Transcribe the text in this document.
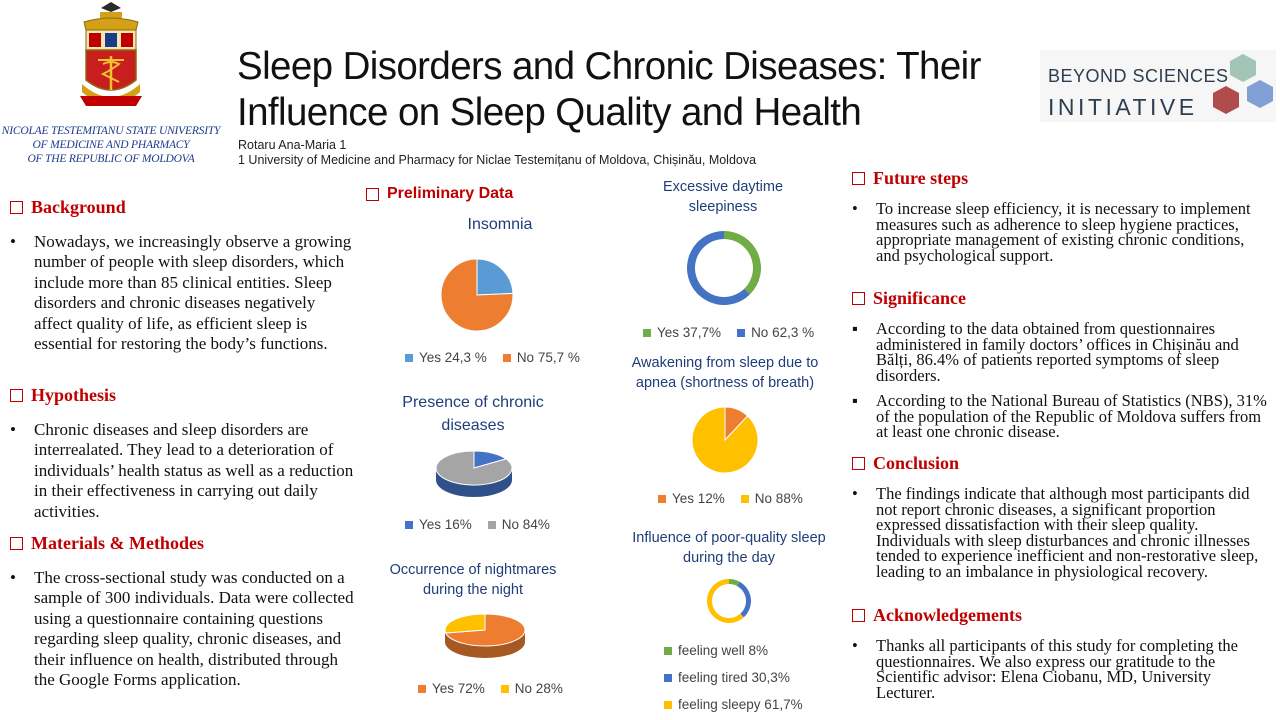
NICOLAE TESTEMITANU STATE UNIVERSITY
OF MEDICINE AND PHARMACY
OF THE REPUBLIC OF MOLDOVA
Sleep Disorders and Chronic Diseases: Their
Influence on Sleep Quality and Health
Rotaru Ana-Maria 1
1 University of Medicine and Pharmacy for Niclae Testemițanu of Moldova, Chișinău, Moldova
BEYOND SCIENCES
INITIATIVE
Background
•	Nowadays, we increasingly observe a growing number of people with sleep disorders, which include more than 85 clinical entities. Sleep disorders and chronic diseases negatively affect quality of life, as efficient sleep is essential for restoring the body’s functions.
Hypothesis
•	Chronic diseases and sleep disorders are interrealated. They lead to a deterioration of individuals’ health status as well as a reduction in their effectiveness in carrying out daily activities.
Materials & Methodes
•	The cross-sectional study was conducted on a sample of 300 individuals. Data were collected using a questionnaire containing questions regarding sleep quality, chronic diseases, and their influence on health, distributed through the Google Forms application.
Preliminary Data
Insomnia
Yes 24,3 %	No 75,7 %
Presence of chronic diseases
Yes 16%	No 84%
Occurrence of nightmares during the night
Yes 72%	No 28%
Excessive daytime sleepiness
Yes 37,7%	No 62,3 %
Awakening from sleep due to apnea (shortness of breath)
Yes 12%	No 88%
Influence of poor-quality sleep during the day
feeling well 8%
feeling tired 30,3%
feeling sleepy 61,7%
Future steps
•	To increase sleep efficiency, it is necessary to implement measures such as adherence to sleep hygiene practices, appropriate management of existing chronic conditions, and psychological support.
Significance
▪	According to the data obtained from questionnaires administered in family doctors’ offices in Chișinău and Bălți, 86.4% of patients reported symptoms of sleep disorders.
▪	According to the National Bureau of Statistics (NBS), 31% of the population of the Republic of Moldova suffers from at least one chronic disease.
Conclusion
•	The findings indicate that although most participants did not report chronic diseases, a significant proportion expressed dissatisfaction with their sleep quality. Individuals with sleep disturbances and chronic illnesses tended to experience inefficient and non-restorative sleep, leading to an imbalance in physiological recovery.
Acknowledgements
•	Thanks all participants of this study for completing the questionnaires. We also express our gratitude to the Scientific advisor: Elena Ciobanu, MD, University Lecturer.
